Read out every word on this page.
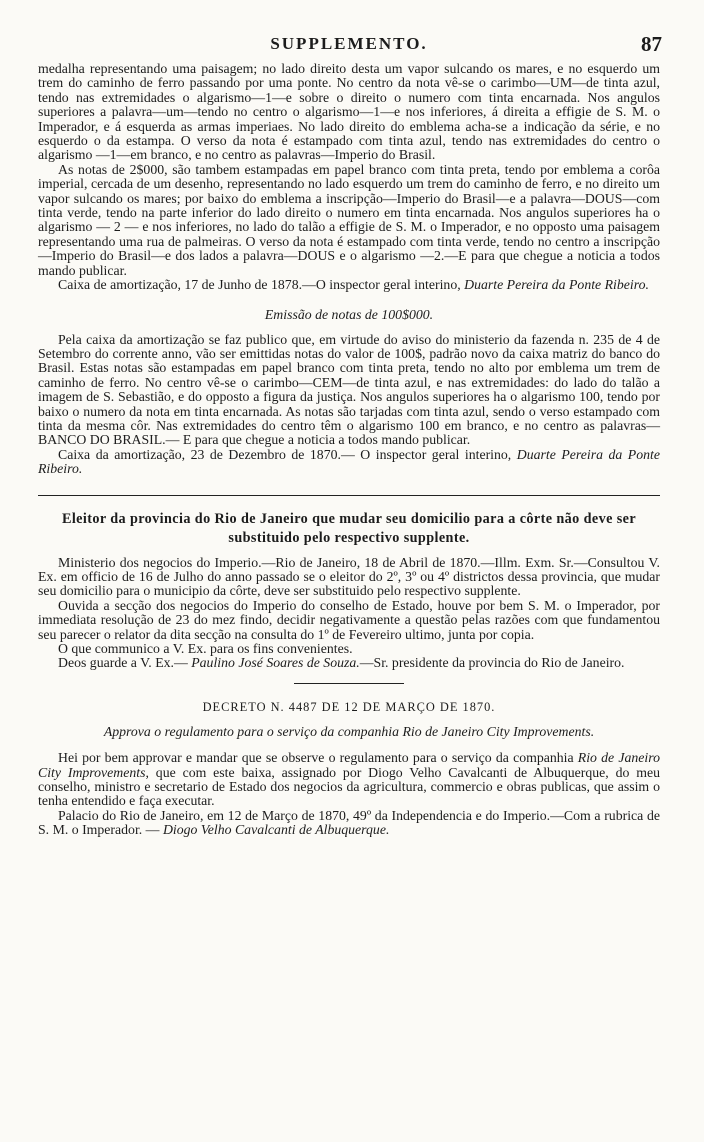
SUPPLEMENTO.	87

medalha representando uma paisagem; no lado direito desta um vapor sulcando os mares, e no esquerdo um trem do caminho de ferro passando por uma ponte. No centro da nota vê-se o carimbo—UM—de tinta azul, tendo nas extremidades o algarismo—1—e sobre o direito o numero com tinta encarnada. Nos angulos superiores a palavra—um—tendo no centro o algarismo—1—e nos inferiores, á direita a effigie de S. M. o Imperador, e á esquerda as armas imperiaes. No lado direito do emblema acha-se a indicação da série, e no esquerdo o da estampa. O verso da nota é estampado com tinta azul, tendo nas extremidades do centro o algarismo —1—em branco, e no centro as palavras—Imperio do Brasil.

As notas de 2$000, são tambem estampadas em papel branco com tinta preta, tendo por emblema a corôa imperial, cercada de um desenho, representando no lado esquerdo um trem do caminho de ferro, e no direito um vapor sulcando os mares; por baixo do emblema a inscripção—Imperio do Brasil—e a palavra—DOUS—com tinta verde, tendo na parte inferior do lado direito o numero em tinta encarnada. Nos angulos superiores ha o algarismo — 2 — e nos inferiores, no lado do talão a effigie de S. M. o Imperador, e no opposto uma paisagem representando uma rua de palmeiras. O verso da nota é estampado com tinta verde, tendo no centro a inscripção—Imperio do Brasil—e dos lados a palavra—DOUS e o algarismo —2.—E para que chegue a noticia a todos mando publicar.

Caixa de amortização, 17 de Junho de 1878.—O inspector geral interino, Duarte Pereira da Ponte Ribeiro.

Emissão de notas de 100$000.

Pela caixa da amortização se faz publico que, em virtude do aviso do ministerio da fazenda n. 235 de 4 de Setembro do corrente anno, vão ser emittidas notas do valor de 100$, padrão novo da caixa matriz do banco do Brasil. Estas notas são estampadas em papel branco com tinta preta, tendo no alto por emblema um trem de caminho de ferro. No centro vê-se o carimbo—CEM—de tinta azul, e nas extremidades: do lado do talão a imagem de S. Sebastião, e do opposto a figura da justiça. Nos angulos superiores ha o algarismo 100, tendo por baixo o numero da nota em tinta encarnada. As notas são tarjadas com tinta azul, sendo o verso estampado com tinta da mesma côr. Nas extremidades do centro têm o algarismo 100 em branco, e no centro as palavras—BANCO DO BRASIL.— E para que chegue a noticia a todos mando publicar.

Caixa da amortização, 23 de Dezembro de 1870.— O inspector geral interino, Duarte Pereira da Ponte Ribeiro.

Eleitor da provincia do Rio de Janeiro que mudar seu domicilio para a côrte não deve ser substituido pelo respectivo supplente.

Ministerio dos negocios do Imperio.—Rio de Janeiro, 18 de Abril de 1870.—Illm. Exm. Sr.—Consultou V. Ex. em officio de 16 de Julho do anno passado se o eleitor do 2º, 3º ou 4º districtos dessa provincia, que mudar seu domicilio para o municipio da côrte, deve ser substituido pelo respectivo supplente.

Ouvida a secção dos negocios do Imperio do conselho de Estado, houve por bem S. M. o Imperador, por immediata resolução de 23 do mez findo, decidir negativamente a questão pelas razões com que fundamentou seu parecer o relator da dita secção na consulta do 1º de Fevereiro ultimo, junta por copia.

O que communico a V. Ex. para os fins convenientes.

Deos guarde a V. Ex.— Paulino José Soares de Souza.—Sr. presidente da provincia do Rio de Janeiro.

DECRETO N. 4487 DE 12 DE MARÇO DE 1870.
Approva o regulamento para o serviço da companhia Rio de Janeiro City Improvements.

Hei por bem approvar e mandar que se observe o regulamento para o serviço da companhia Rio de Janeiro City Improvements, que com este baixa, assignado por Diogo Velho Cavalcanti de Albuquerque, do meu conselho, ministro e secretario de Estado dos negocios da agricultura, commercio e obras publicas, que assim o tenha entendido e faça executar.

Palacio do Rio de Janeiro, em 12 de Março de 1870, 49º da Independencia e do Imperio.—Com a rubrica de S. M. o Imperador. — Diogo Velho Cavalcanti de Albuquerque.
